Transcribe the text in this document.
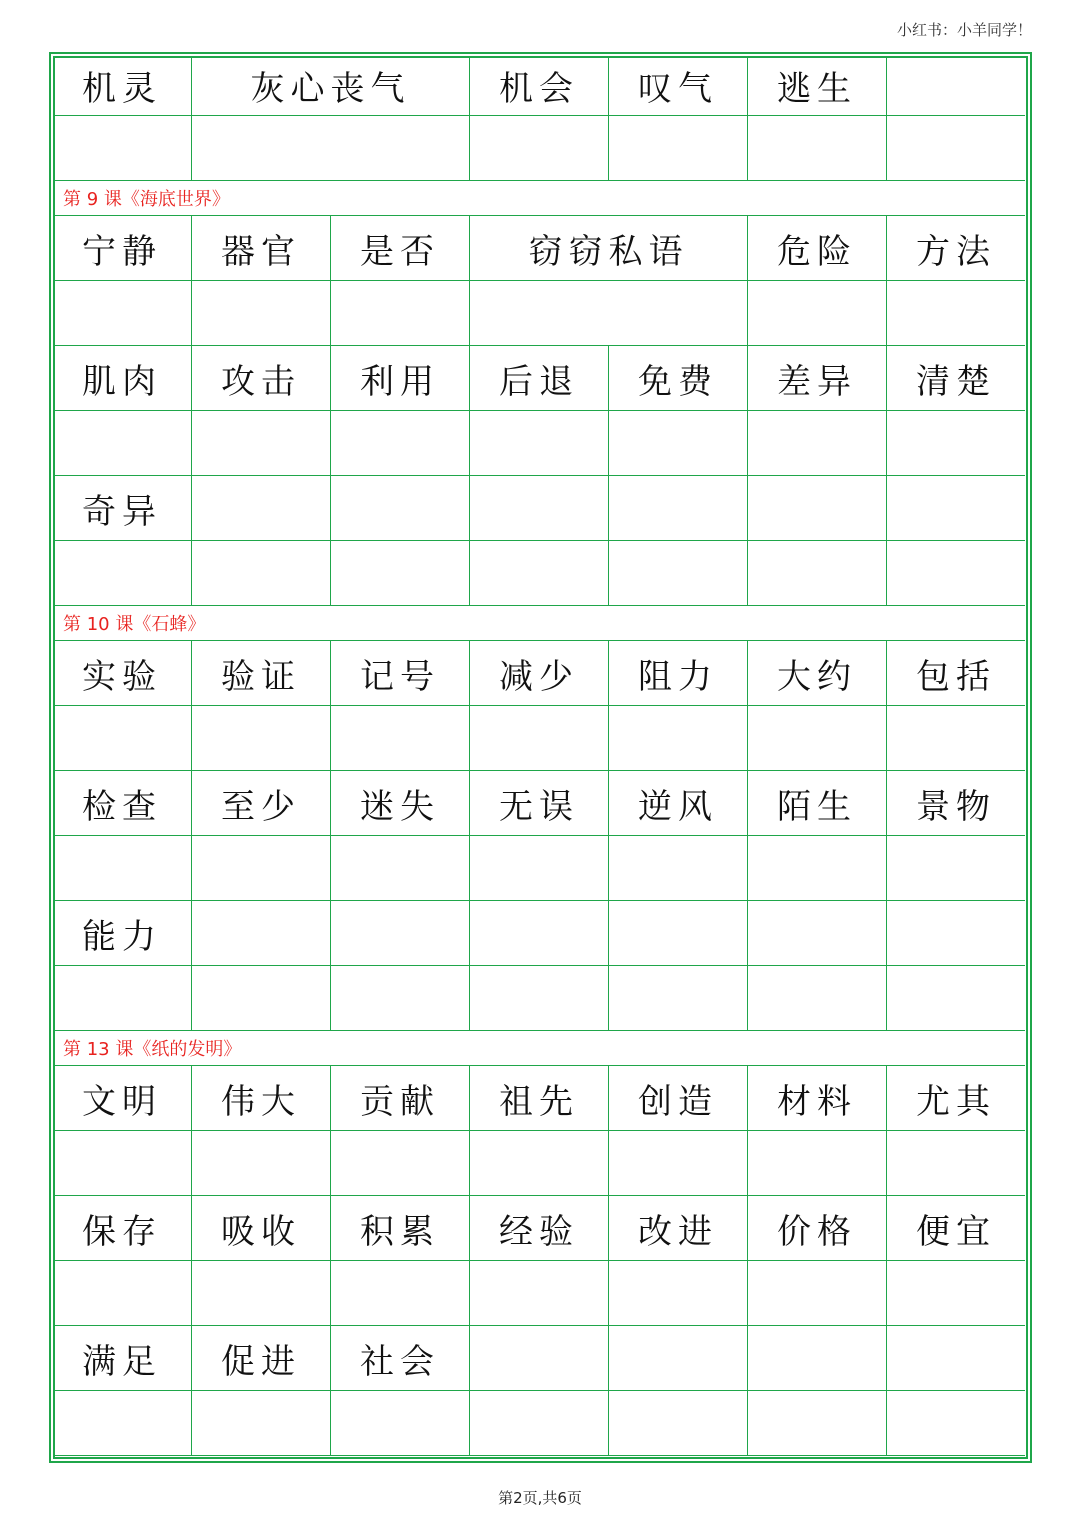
小红书：小羊同学！
机灵	灰心丧气	机会	叹气	逃生
第 9 课《海底世界》
宁静	器官	是否	窃窃私语	危险	方法
肌肉	攻击	利用	后退	免费	差异	清楚
奇异
第 10 课《石蜂》
实验	验证	记号	减少	阻力	大约	包括
检查	至少	迷失	无误	逆风	陌生	景物
能力
第 13 课《纸的发明》
文明	伟大	贡献	祖先	创造	材料	尤其
保存	吸收	积累	经验	改进	价格	便宜
满足	促进	社会
第2页,共6页
